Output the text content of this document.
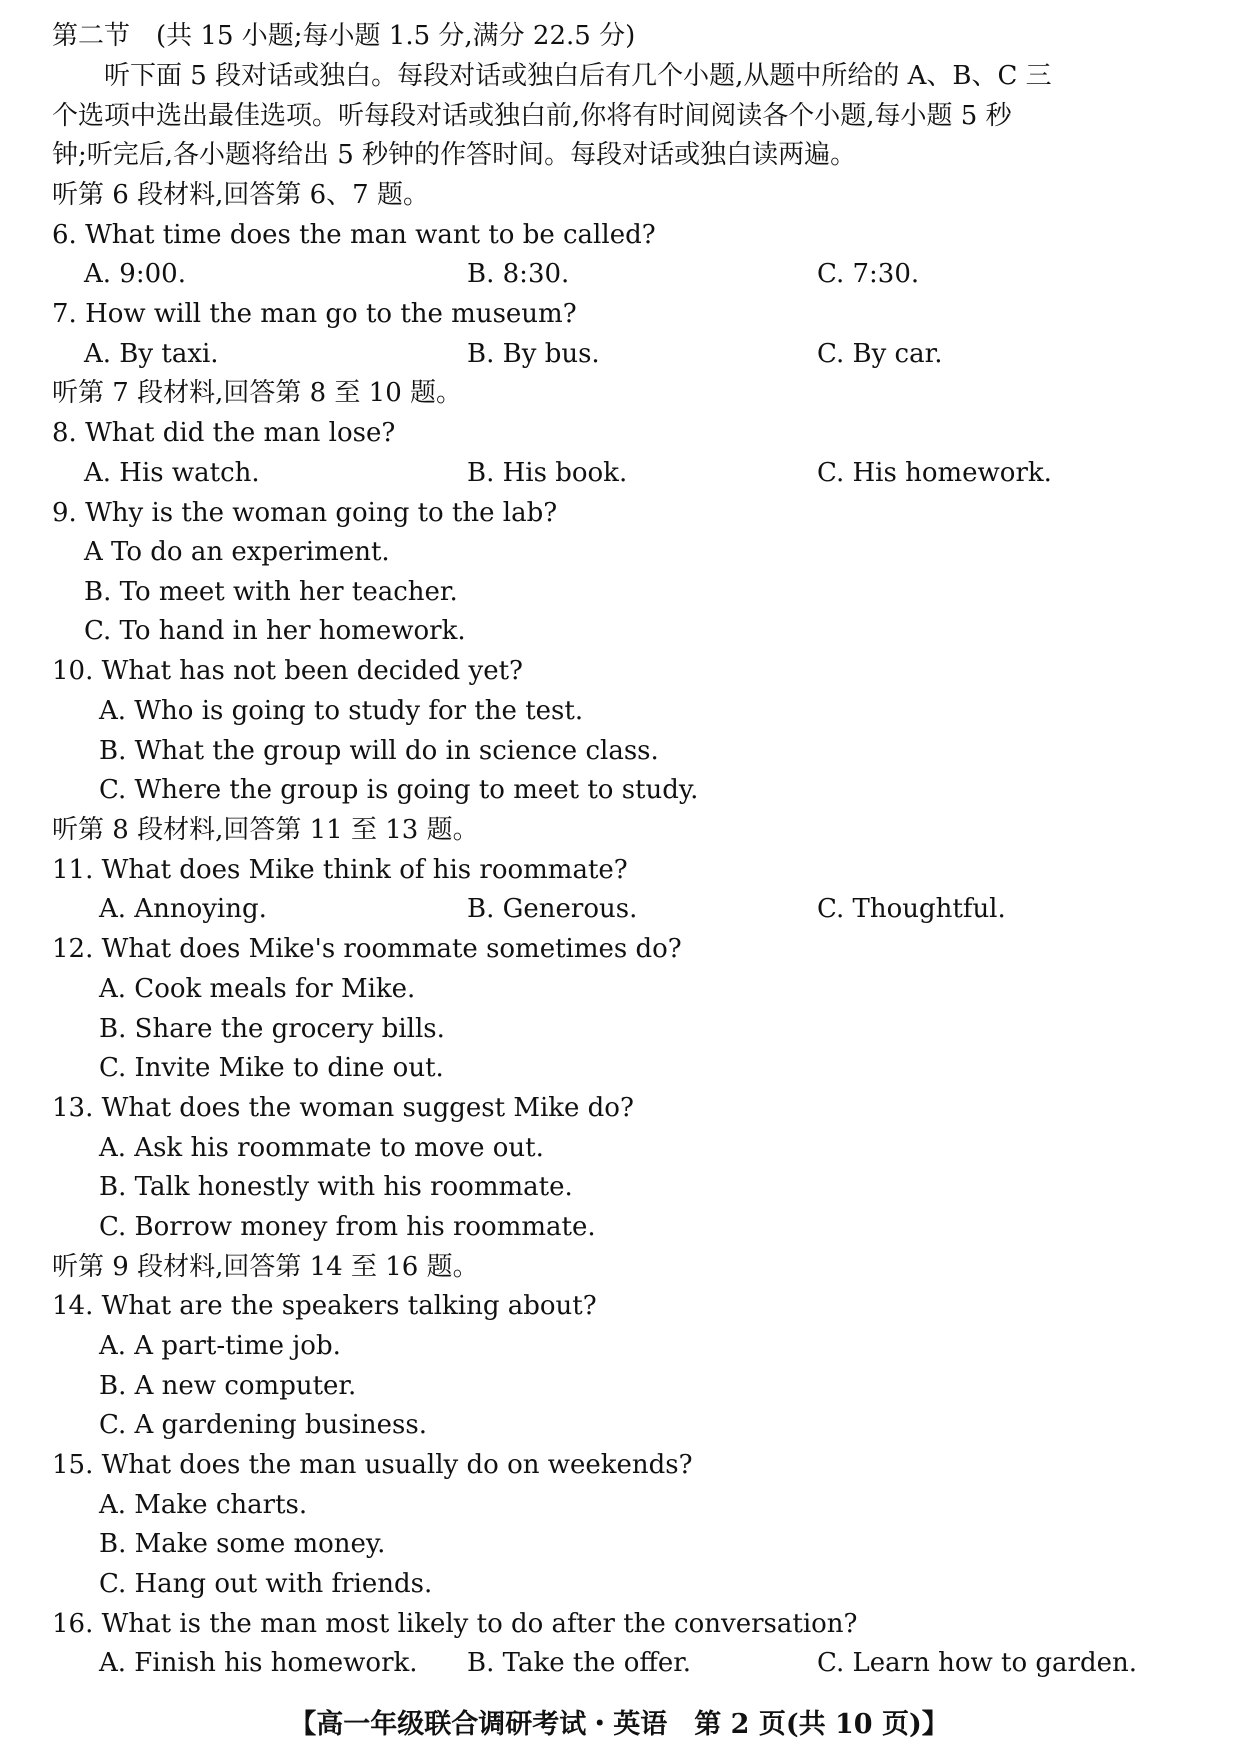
第二节　(共 15 小题;每小题 1.5 分,满分 22.5 分)

　　听下面 5 段对话或独白。每段对话或独白后有几个小题,从题中所给的 A、B、C 三

个选项中选出最佳选项。听每段对话或独白前,你将有时间阅读各个小题,每小题 5 秒

钟;听完后,各小题将给出 5 秒钟的作答时间。每段对话或独白读两遍。

听第 6 段材料,回答第 6、7 题。
6. What time does the man want to be called?
A. 9:00.	B. 8:30.	C. 7:30.
7. How will the man go to the museum?
A. By taxi.	B. By bus.	C. By car.
听第 7 段材料,回答第 8 至 10 题。
8. What did the man lose?
A. His watch.	B. His book.	C. His homework.
9. Why is the woman going to the lab?
A To do an experiment.
B. To meet with her teacher.
C. To hand in her homework.
10. What has not been decided yet?
A. Who is going to study for the test.
B. What the group will do in science class.
C. Where the group is going to meet to study.
听第 8 段材料,回答第 11 至 13 题。
11. What does Mike think of his roommate?
A. Annoying.	B. Generous.	C. Thoughtful.
12. What does Mike's roommate sometimes do?
A. Cook meals for Mike.
B. Share the grocery bills.
C. Invite Mike to dine out.
13. What does the woman suggest Mike do?
A. Ask his roommate to move out.
B. Talk honestly with his roommate.
C. Borrow money from his roommate.
听第 9 段材料,回答第 14 至 16 题。
14. What are the speakers talking about?
A. A part-time job.
B. A new computer.
C. A gardening business.
15. What does the man usually do on weekends?
A. Make charts.
B. Make some money.
C. Hang out with friends.
16. What is the man most likely to do after the conversation?
A. Finish his homework. B. Take the offer.	C. Learn how to garden.
【高一年级联合调研考试・英语　第 2 页(共 10 页)】
